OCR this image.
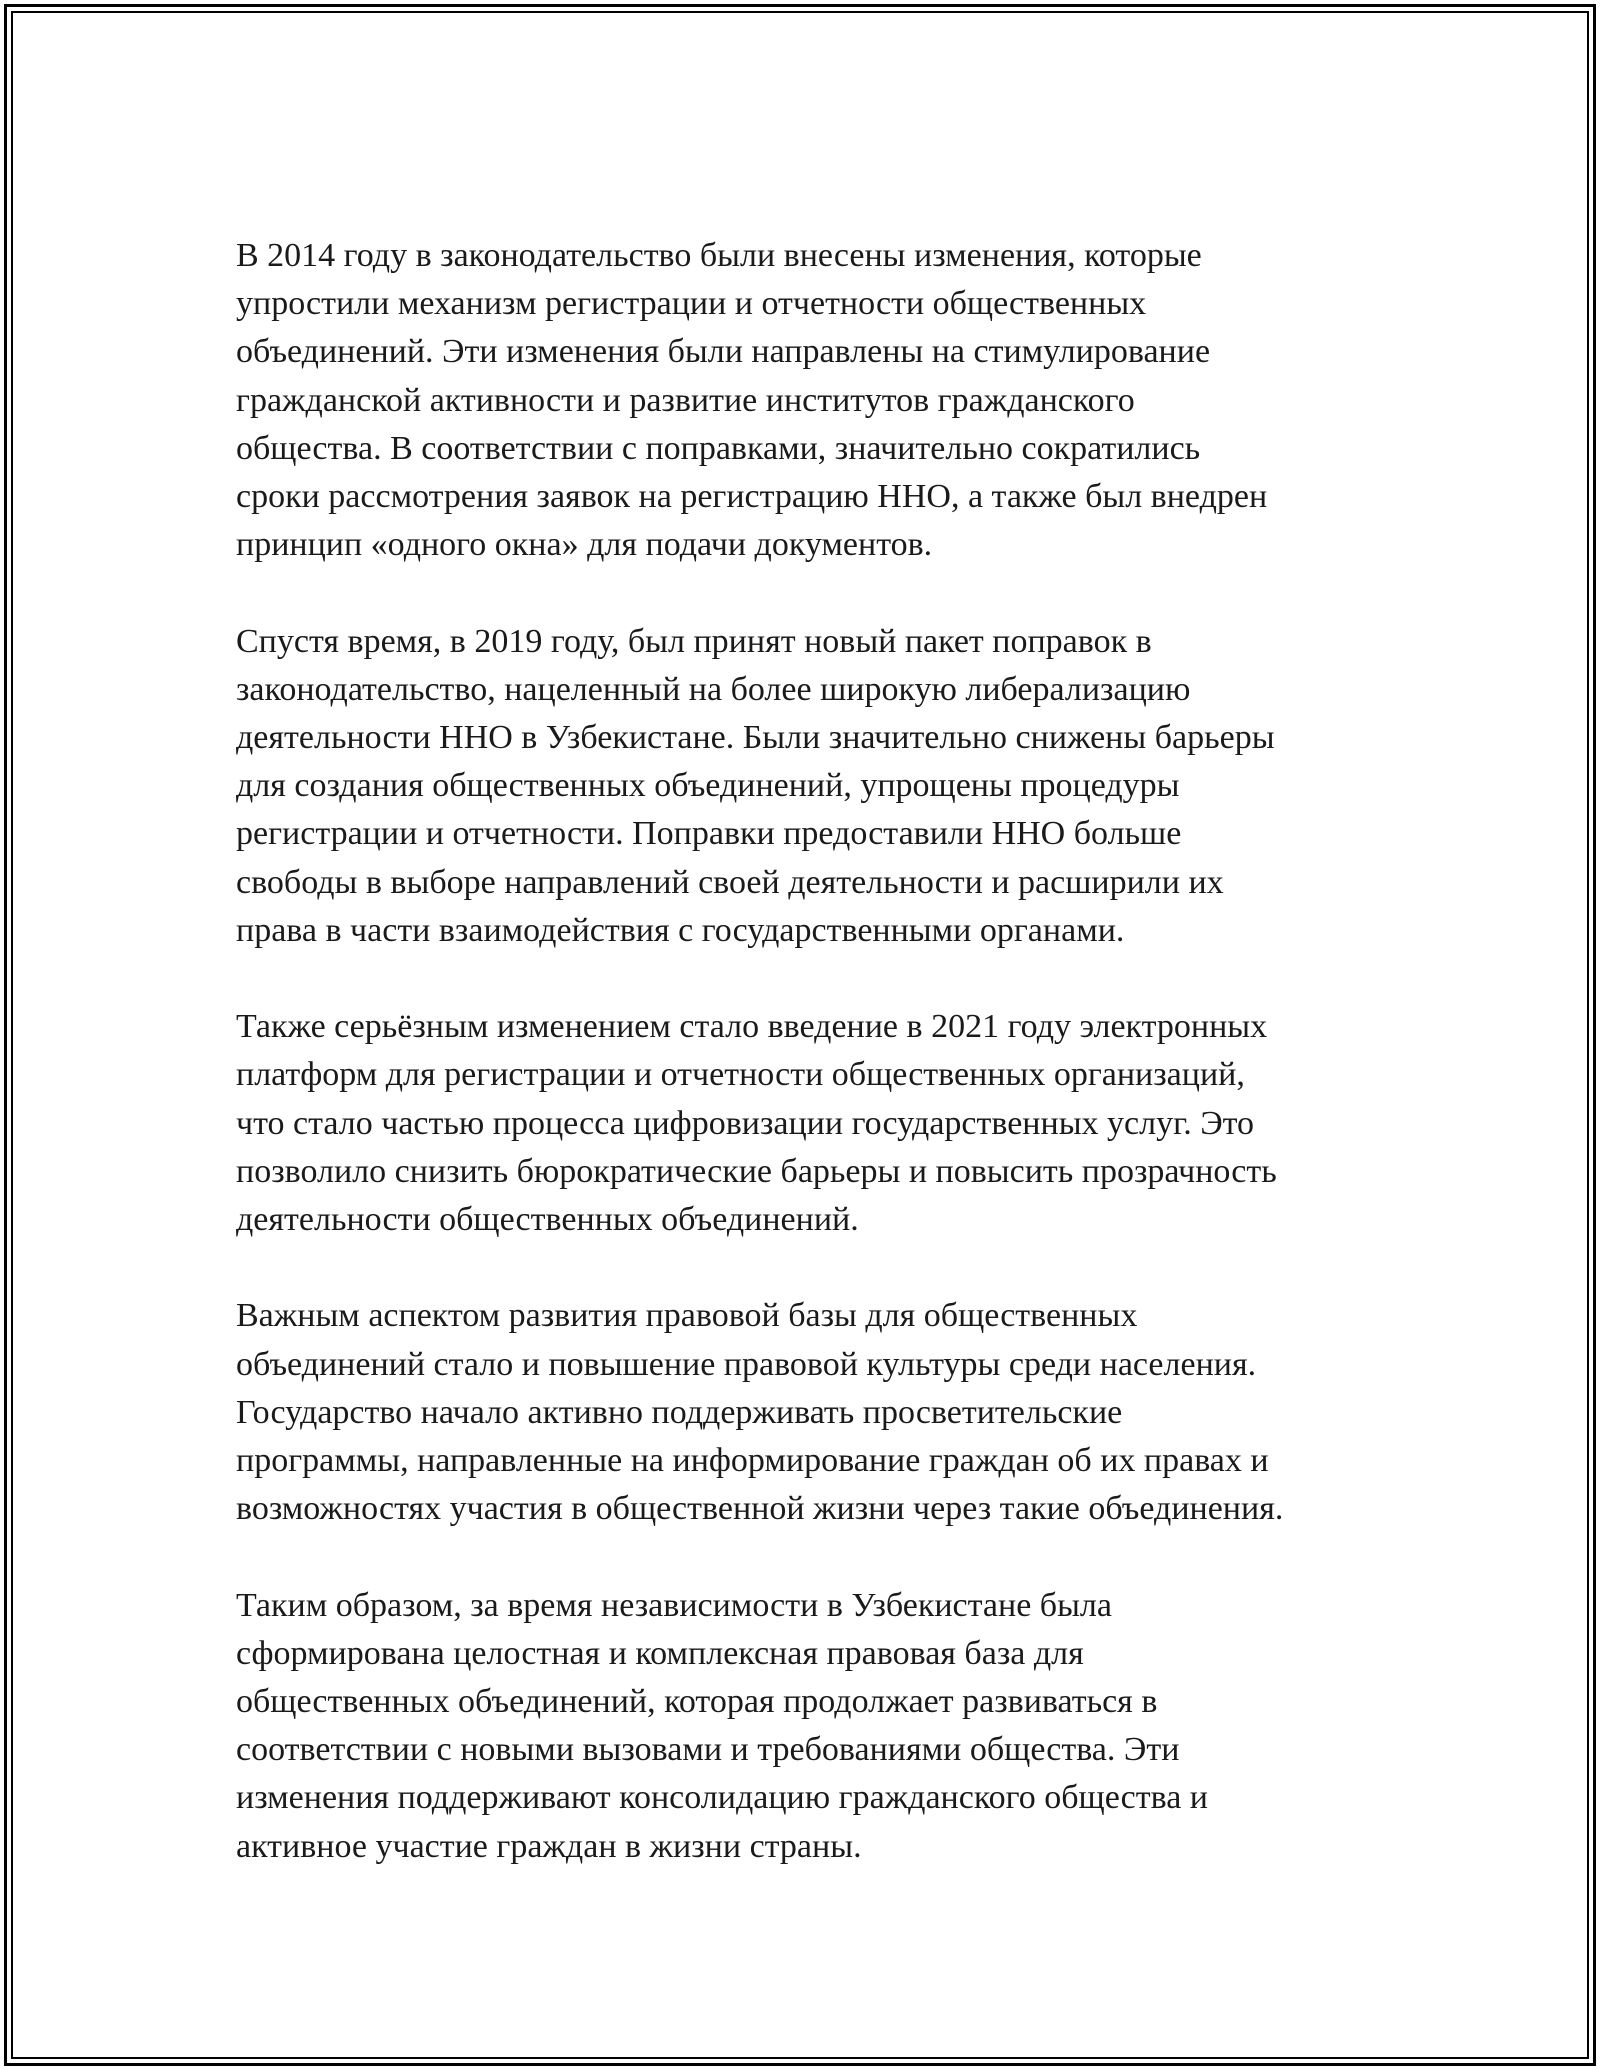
В 2014 году в законодательство были внесены изменения, которые
упростили механизм регистрации и отчетности общественных
объединений. Эти изменения были направлены на стимулирование
гражданской активности и развитие институтов гражданского
общества. В соответствии с поправками, значительно сократились
сроки рассмотрения заявок на регистрацию ННО, а также был внедрен
принцип «одного окна» для подачи документов.
Спустя время, в 2019 году, был принят новый пакет поправок в
законодательство, нацеленный на более широкую либерализацию
деятельности ННО в Узбекистане. Были значительно снижены барьеры
для создания общественных объединений, упрощены процедуры
регистрации и отчетности. Поправки предоставили ННО больше
свободы в выборе направлений своей деятельности и расширили их
права в части взаимодействия с государственными органами.
Также серьёзным изменением стало введение в 2021 году электронных
платформ для регистрации и отчетности общественных организаций,
что стало частью процесса цифровизации государственных услуг. Это
позволило снизить бюрократические барьеры и повысить прозрачность
деятельности общественных объединений.
Важным аспектом развития правовой базы для общественных
объединений стало и повышение правовой культуры среди населения.
Государство начало активно поддерживать просветительские
программы, направленные на информирование граждан об их правах и
возможностях участия в общественной жизни через такие объединения.
Таким образом, за время независимости в Узбекистане была
сформирована целостная и комплексная правовая база для
общественных объединений, которая продолжает развиваться в
соответствии с новыми вызовами и требованиями общества. Эти
изменения поддерживают консолидацию гражданского общества и
активное участие граждан в жизни страны.
